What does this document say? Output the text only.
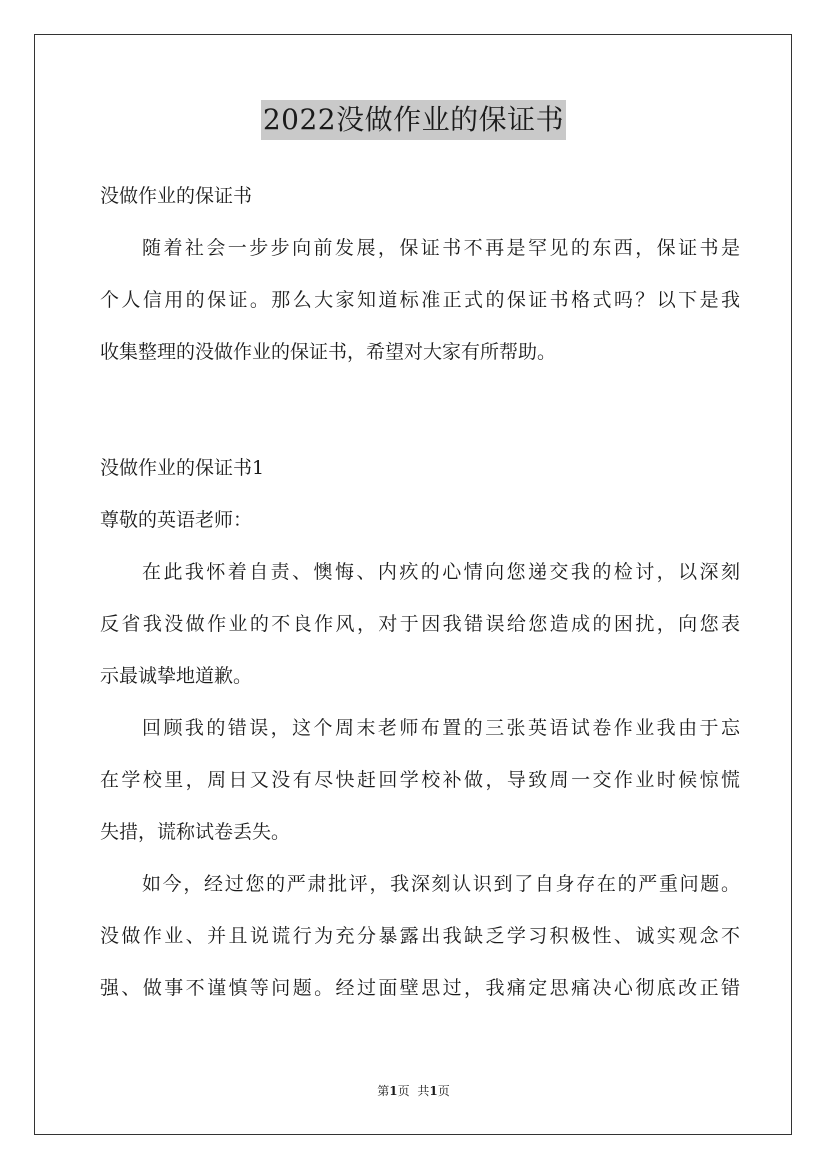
2022没做作业的保证书
没做作业的保证书
随着社会一步步向前发展，保证书不再是罕见的东西，保证书是
个人信用的保证。那么大家知道标准正式的保证书格式吗？以下是我
收集整理的没做作业的保证书，希望对大家有所帮助。
没做作业的保证书1
尊敬的英语老师：
在此我怀着自责、懊悔、内疚的心情向您递交我的检讨，以深刻
反省我没做作业的不良作风，对于因我错误给您造成的困扰，向您表
示最诚挚地道歉。
回顾我的错误，这个周末老师布置的三张英语试卷作业我由于忘
在学校里，周日又没有尽快赶回学校补做，导致周一交作业时候惊慌
失措，谎称试卷丢失。
如今，经过您的严肃批评，我深刻认识到了自身存在的严重问题。
没做作业、并且说谎行为充分暴露出我缺乏学习积极性、诚实观念不
强、做事不谨慎等问题。经过面壁思过，我痛定思痛决心彻底改正错
第1页 共1页
